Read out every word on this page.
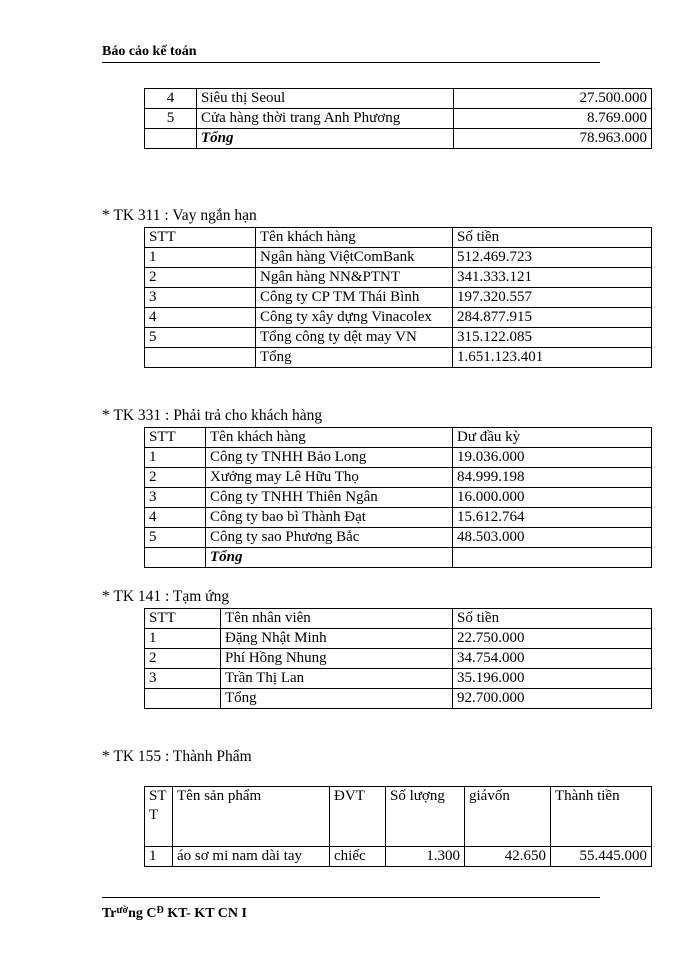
Báo cáo kế toán
4	Siêu thị Seoul	27.500.000
5	Cửa hàng thời trang Anh Phương	8.769.000
	Tổng	78.963.000
* TK 311 : Vay ngắn hạn
STT	Tên khách hàng	Số tiền
1	Ngân hàng ViệtComBank	512.469.723
2	Ngân hàng NN&PTNT	341.333.121
3	Công ty CP TM Thái Bình	197.320.557
4	Công ty xây dựng Vinacolex	284.877.915
5	Tổng công ty dệt may VN	315.122.085
	Tổng	1.651.123.401
* TK 331 : Phải trả cho khách hàng
STT	Tên khách hàng	Dư đầu kỳ
1	Công ty TNHH Bảo Long	19.036.000
2	Xưởng may Lê Hữu Thọ	84.999.198
3	Công ty TNHH Thiên Ngân	16.000.000
4	Công ty bao bì Thành Đạt	15.612.764
5	Công ty sao Phương Bắc	48.503.000
	Tổng	
* TK 141 : Tạm ứng
STT	Tên nhân viên	Số tiền
1	Đặng Nhật Minh	22.750.000
2	Phí Hồng Nhung	34.754.000
3	Trần Thị Lan	35.196.000
	Tổng	92.700.000
* TK 155 : Thành Phẩm
STT	Tên sản phẩm	ĐVT	Số lượng	giávốn	Thành tiền
1	áo sơ mi nam dài tay	chiếc	1.300	42.650	55.445.000
$Tr^{ườ}ng$ $C^Đ$ KT- KT CN I
